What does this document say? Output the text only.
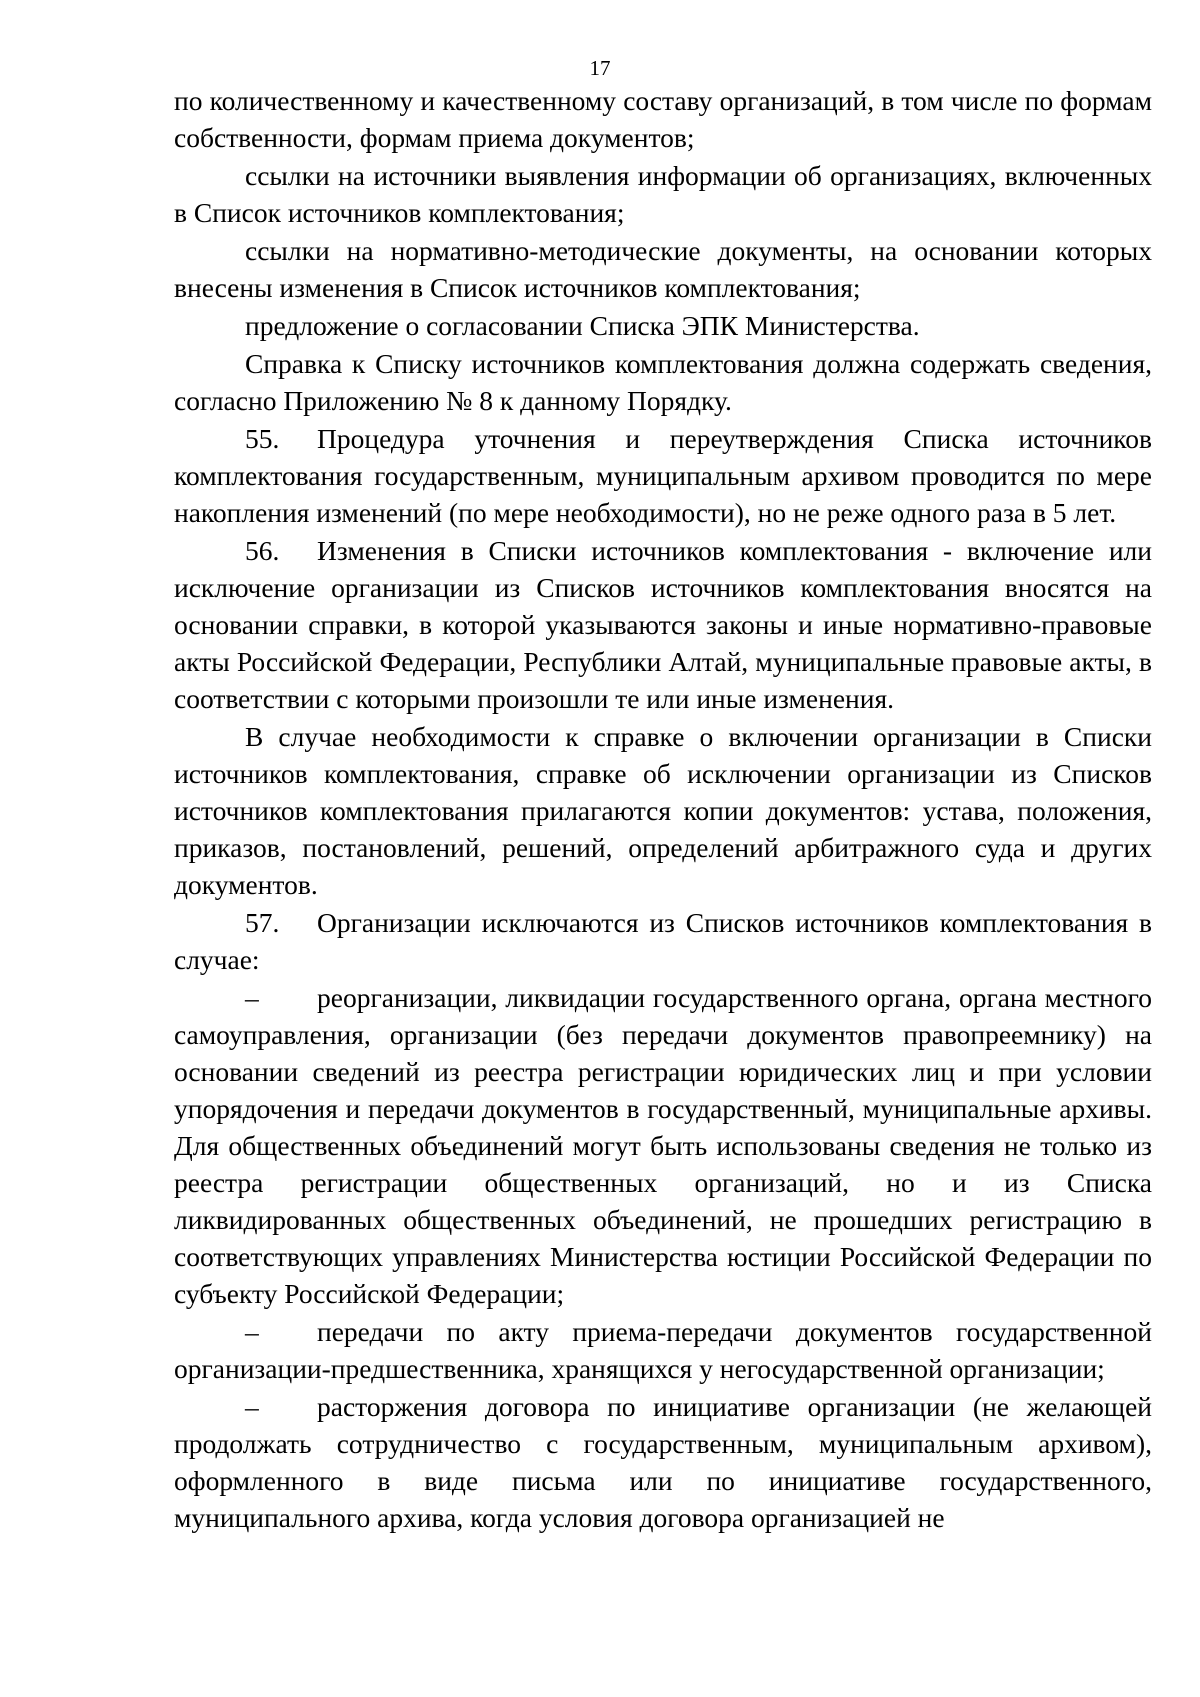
17

по количественному и качественному составу организаций, в том числе по формам собственности, формам приема документов;

ссылки на источники выявления информации об организациях, включенных в Список источников комплектования;

ссылки на нормативно-методические документы, на основании которых внесены изменения в Список источников комплектования;

предложение о согласовании Списка ЭПК Министерства.

Справка к Списку источников комплектования должна содержать сведения, согласно Приложению № 8 к данному Порядку.

55. Процедура уточнения и переутверждения Списка источников комплектования государственным, муниципальным архивом проводится по мере накопления изменений (по мере необходимости), но не реже одного раза в 5 лет.

56. Изменения в Списки источников комплектования - включение или исключение организации из Списков источников комплектования вносятся на основании справки, в которой указываются законы и иные нормативно-правовые акты Российской Федерации, Республики Алтай, муниципальные правовые акты, в соответствии с которыми произошли те или иные изменения.

В случае необходимости к справке о включении организации в Списки источников комплектования, справке об исключении организации из Списков источников комплектования прилагаются копии документов: устава, положения, приказов, постановлений, решений, определений арбитражного суда и других документов.

57. Организации исключаются из Списков источников комплектования в случае:

– реорганизации, ликвидации государственного органа, органа местного самоуправления, организации (без передачи документов правопреемнику) на основании сведений из реестра регистрации юридических лиц и при условии упорядочения и передачи документов в государственный, муниципальные архивы. Для общественных объединений могут быть использованы сведения не только из реестра регистрации общественных организаций, но и из Списка ликвидированных общественных объединений, не прошедших регистрацию в соответствующих управлениях Министерства юстиции Российской Федерации по субъекту Российской Федерации;

– передачи по акту приема-передачи документов государственной организации-предшественника, хранящихся у негосударственной организации;

– расторжения договора по инициативе организации (не желающей продолжать сотрудничество с государственным, муниципальным архивом), оформленного в виде письма или по инициативе государственного, муниципального архива, когда условия договора организацией не
